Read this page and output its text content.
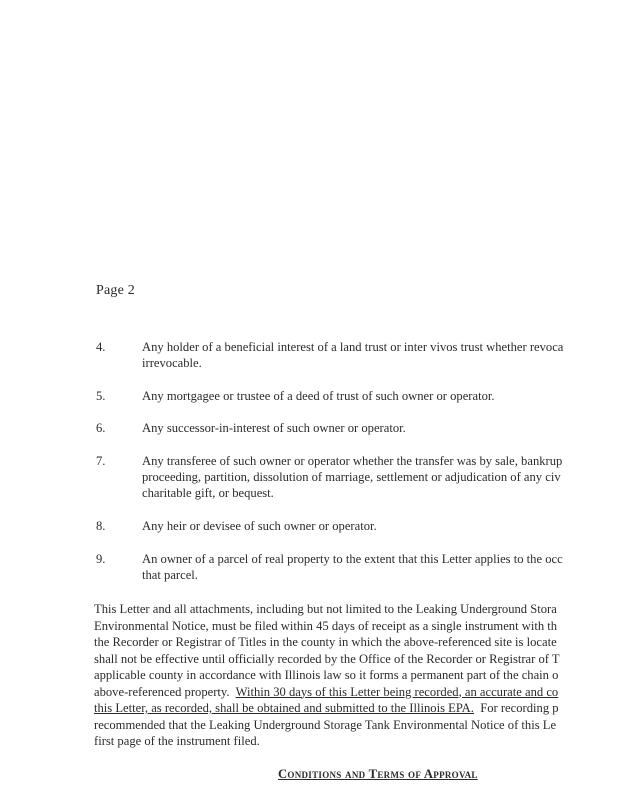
Page 2
4.	Any holder of a beneficial interest of a land trust or inter vivos trust whether revoca
irrevocable.
5.	Any mortgagee or trustee of a deed of trust of such owner or operator.
6.	Any successor-in-interest of such owner or operator.
7.	Any transferee of such owner or operator whether the transfer was by sale, bankrup
proceeding, partition, dissolution of marriage, settlement or adjudication of any civ
charitable gift, or bequest.
8.	Any heir or devisee of such owner or operator.
9.	An owner of a parcel of real property to the extent that this Letter applies to the occ
that parcel.
This Letter and all attachments, including but not limited to the Leaking Underground Stora
Environmental Notice, must be filed within 45 days of receipt as a single instrument with th
the Recorder or Registrar of Titles in the county in which the above-referenced site is locate
shall not be effective until officially recorded by the Office of the Recorder or Registrar of T
applicable county in accordance with Illinois law so it forms a permanent part of the chain o
above-referenced property.  Within 30 days of this Letter being recorded, an accurate and co
this Letter, as recorded, shall be obtained and submitted to the Illinois EPA.  For recording p
recommended that the Leaking Underground Storage Tank Environmental Notice of this Le
first page of the instrument filed.
Conditions and Terms of Approval
